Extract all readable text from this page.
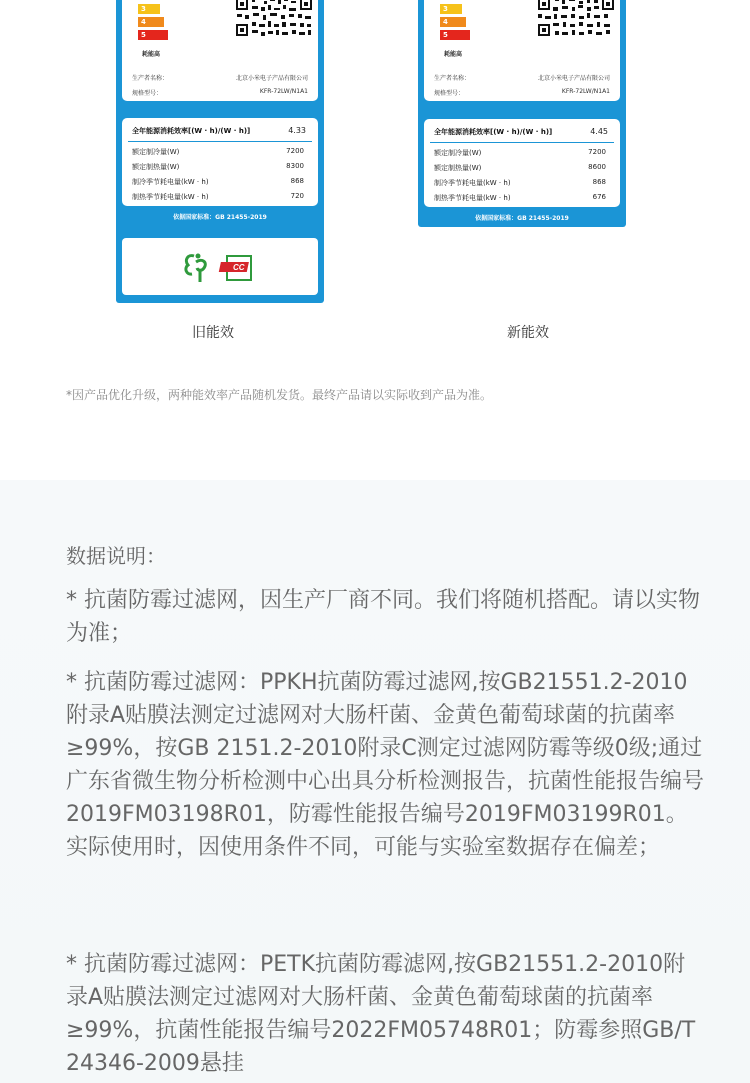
3
4
5
耗能高
生产者名称：	北京小米电子产品有限公司
规格型号：	KFR-72LW/N1A1
全年能源消耗效率[(W · h)/(W · h)]	4.33
额定制冷量(W)	7200
额定制热量(W)	8300
制冷季节耗电量(kW · h)	868
制热季节耗电量(kW · h)	720
依据国家标准：GB 21455-2019
CC
3
4
5
耗能高
生产者名称：	北京小米电子产品有限公司
规格型号：	KFR-72LW/N1A1
全年能源消耗效率[(W · h)/(W · h)]	4.45
额定制冷量(W)	7200
额定制热量(W)	8600
制冷季节耗电量(kW · h)	868
制热季节耗电量(kW · h)	676
依据国家标准：GB 21455-2019
旧能效	新能效
*因产品优化升级，两种能效率产品随机发货。最终产品请以实际收到产品为准。
数据说明：

* 抗菌防霉过滤网，因生产厂商不同。我们将随机搭配。请以实物为准；

* 抗菌防霉过滤网：PPKH抗菌防霉过滤网,按GB21551.2-2010附录A贴膜法测定过滤网对大肠杆菌、金黄色葡萄球菌的抗菌率≥99%，按GB 2151.2-2010附录C测定过滤网防霉等级0级;通过广东省微生物分析检测中心出具分析检测报告，抗菌性能报告编号2019FM03198R01，防霉性能报告编号2019FM03199R01。实际使用时，因使用条件不同，可能与实验室数据存在偏差；

* 抗菌防霉过滤网：PETK抗菌防霉滤网,按GB21551.2-2010附录A贴膜法测定过滤网对大肠杆菌、金黄色葡萄球菌的抗菌率≥99%，抗菌性能报告编号2022FM05748R01；防霉参照GB/T 24346-2009悬挂
